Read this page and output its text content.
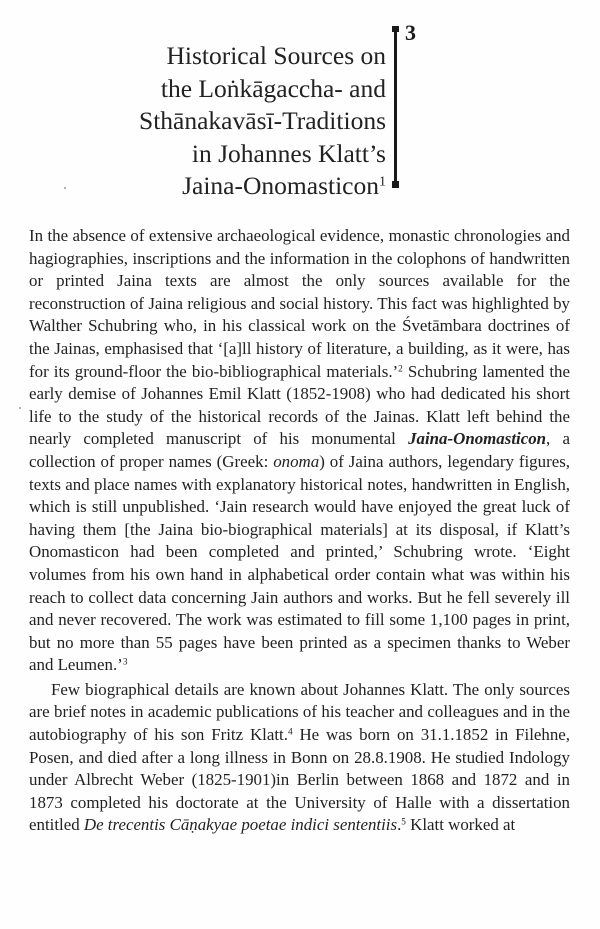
Historical Sources on
the Loṅkāgaccha- and
Sthānakavāsī-Traditions
in Johannes Klatt’s
Jaina-Onomasticon$^1$
3

In the absence of extensive archaeological evidence, monastic chronologies and hagiographies, inscriptions and the information in the colophons of handwritten or printed Jaina texts are almost the only sources available for the reconstruction of Jaina religious and social history. This fact was highlighted by Walther Schubring who, in his classical work on the Śvetāmbara doctrines of the Jainas, emphasised that ‘[a]ll history of literature, a building, as it were, has for its ground-floor the bio-bibliographical materials.’$^2$ Schubring lamented the early demise of Johannes Emil Klatt (1852-1908) who had dedicated his short life to the study of the historical records of the Jainas. Klatt left behind the nearly completed manuscript of his monumental Jaina-Onomasticon, a collection of proper names (Greek: onoma) of Jaina authors, legendary figures, texts and place names with explanatory historical notes, handwritten in English, which is still unpublished. ‘Jain research would have enjoyed the great luck of having them [the Jaina bio-biographical materials] at its disposal, if Klatt’s Onomasticon had been completed and printed,’ Schubring wrote. ‘Eight volumes from his own hand in alphabetical order contain what was within his reach to collect data concerning Jain authors and works. But he fell severely ill and never recovered. The work was estimated to fill some 1,100 pages in print, but no more than 55 pages have been printed as a specimen thanks to Weber and Leumen.’$^3$

Few biographical details are known about Johannes Klatt. The only sources are brief notes in academic publications of his teacher and colleagues and in the autobiography of his son Fritz Klatt.$^4$ He was born on 31.1.1852 in Filehne, Posen, and died after a long illness in Bonn on 28.8.1908. He studied Indology under Albrecht Weber (1825-1901)in Berlin between 1868 and 1872 and in 1873 completed his doctorate at the University of Halle with a dissertation entitled De trecentis Cāṇakyae poetae indici sententiis.$^5$ Klatt worked at
